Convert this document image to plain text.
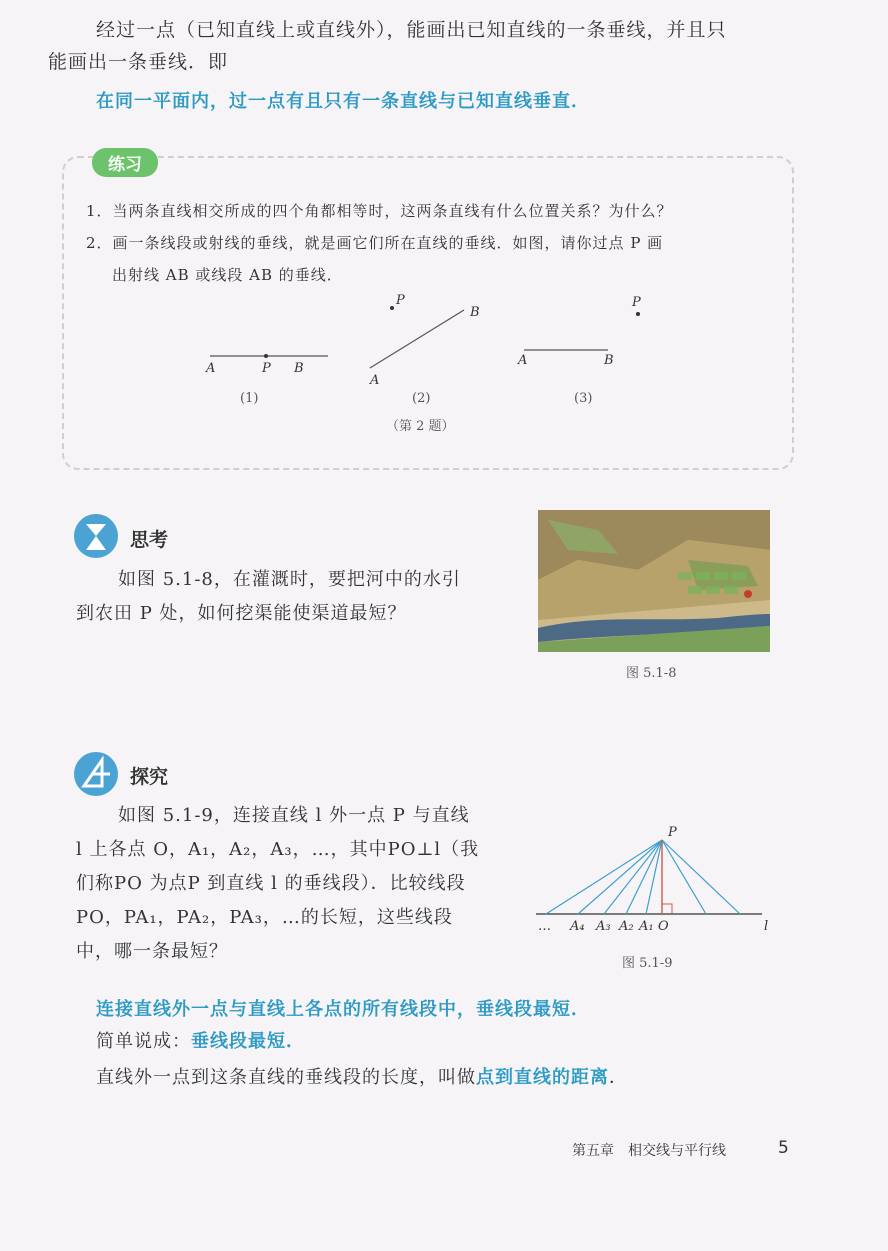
经过一点（已知直线上或直线外），能画出已知直线的一条垂线，并且只
能画出一条垂线．即
在同一平面内，过一点有且只有一条直线与已知直线垂直．
练习
1．当两条直线相交所成的四个角都相等时，这两条直线有什么位置关系？为什么？
2．画一条线段或射线的垂线，就是画它们所在直线的垂线．如图，请你过点 P 画
出射线 AB 或线段 AB 的垂线．
A	P B
(1)
P
B
A
(2)
P
A	B
(3)
（第 2 题）
思考
如图 5.1-8，在灌溉时，要把河中的水引
到农田 P 处，如何挖渠能使渠道最短？
图 5.1-8
探究
如图 5.1-9，连接直线 l 外一点 P 与直线
l 上各点 O，A₁，A₂，A₃，…，其中PO⊥l（我
们称PO 为点P 到直线 l 的垂线段）．比较线段
PO，PA₁，PA₂，PA₃，…的长短，这些线段
中，哪一条最短？
P
… A₄ A₃ A₂ A₁ O	l
图 5.1-9
连接直线外一点与直线上各点的所有线段中，垂线段最短．
简单说成：垂线段最短．
直线外一点到这条直线的垂线段的长度，叫做点到直线的距离．
第五章　相交线与平行线	5
